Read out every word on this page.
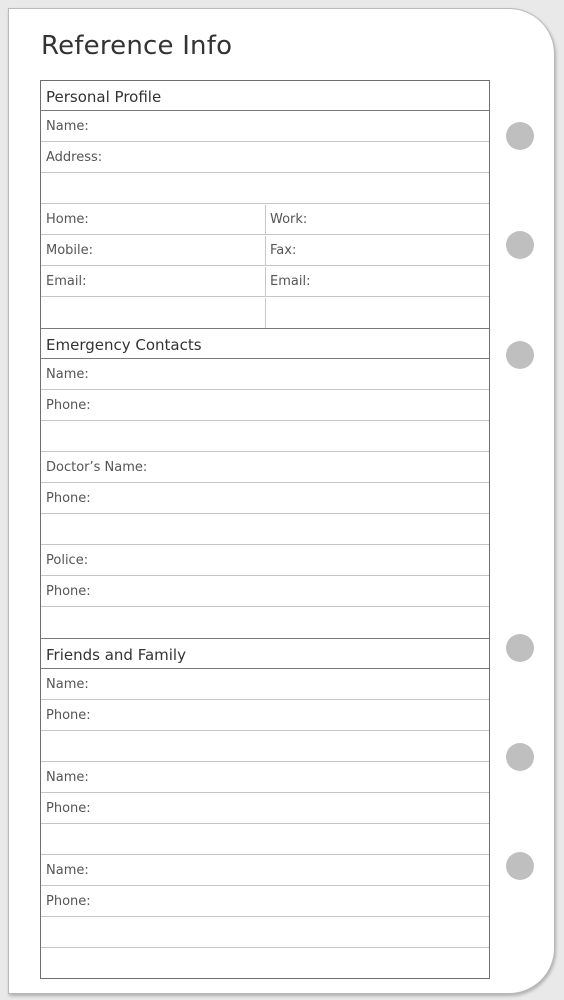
Reference Info
Personal Profile
Name:
Address:
Home:	Work:
Mobile:	Fax:
Email:	Email:
Emergency Contacts
Name:
Phone:
Doctor’s Name:
Phone:
Police:
Phone:
Friends and Family
Name:
Phone:
Name:
Phone:
Name:
Phone:
